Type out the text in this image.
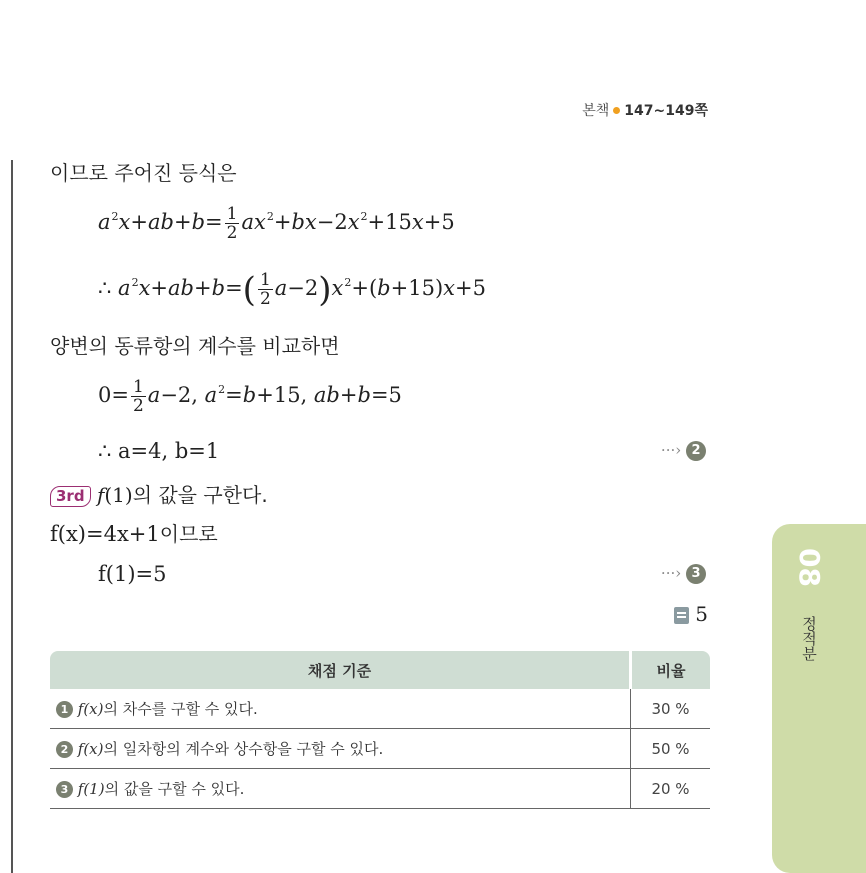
본책 147~149쪽
이므로 주어진 등식은
$a^2x+ab+b= \frac{1}{2} ax^2+bx-2x^2+15x+5$
∴ $a^2x+ab+b=( \frac{1}{2} a-2)x^2+(b+15)x+5$
양변의 동류항의 계수를 비교하면
$0= \frac{1}{2} a-2$, $a^2=b+15$, ab+b=5
∴ a=4, b=1	···› 2
3rd f(1)의 값을 구한다.
f(x)=4x+1이므로
f(1)=5	···› 3
5
채점 기준	비율
1 f(x)의 차수를 구할 수 있다.	30 %
2 f(x)의 일차항의 계수와 상수항을 구할 수 있다.	50 %
3 f(1)의 값을 구할 수 있다.	20 %
08
정적분
